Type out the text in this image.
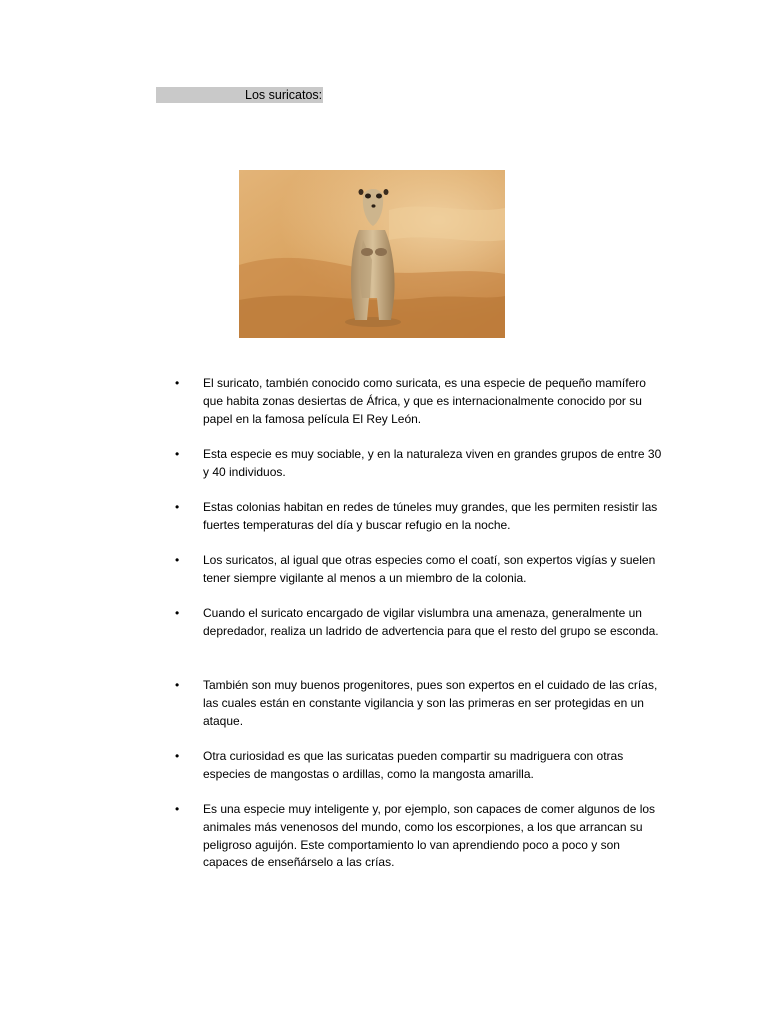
Los suricatos:
•	El suricato, también conocido como suricata, es una especie de pequeño mamífero que habita zonas desiertas de África, y que es internacionalmente conocido por su papel en la famosa película El Rey León.
•	Esta especie es muy sociable, y en la naturaleza viven en grandes grupos de entre 30 y 40 individuos.
•	Estas colonias habitan en redes de túneles muy grandes, que les permiten resistir las fuertes temperaturas del día y buscar refugio en la noche.
•	Los suricatos, al igual que otras especies como el coatí, son expertos vigías y suelen tener siempre vigilante al menos a un miembro de la colonia.
•	Cuando el suricato encargado de vigilar vislumbra una amenaza, generalmente un depredador, realiza un ladrido de advertencia para que el resto del grupo se esconda.
•	También son muy buenos progenitores, pues son expertos en el cuidado de las crías, las cuales están en constante vigilancia y son las primeras en ser protegidas en un ataque.
•	Otra curiosidad es que las suricatas pueden compartir su madriguera con otras especies de mangostas o ardillas, como la mangosta amarilla.
•	Es una especie muy inteligente y, por ejemplo, son capaces de comer algunos de los animales más venenosos del mundo, como los escorpiones, a los que arrancan su peligroso aguijón. Este comportamiento lo van aprendiendo poco a poco y son capaces de enseñárselo a las crías.
